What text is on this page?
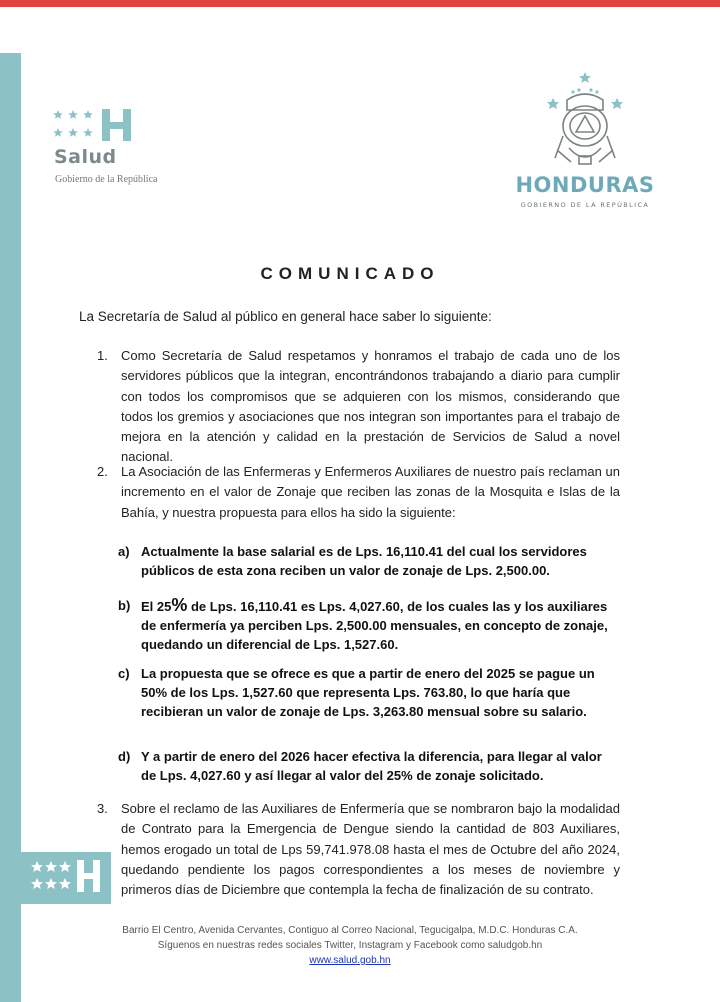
Salud
Gobierno de la República	HONDURAS
GOBIERNO DE LA REPÚBLICA
COMUNICADO
La Secretaría de Salud al público en general hace saber lo siguiente:
1.	Como Secretaría de Salud respetamos y honramos el trabajo de cada uno de los servidores públicos que la integran, encontrándonos trabajando a diario para cumplir con todos los compromisos que se adquieren con los mismos, considerando que todos los gremios y asociaciones que nos integran son importantes para el trabajo de mejora en la atención y calidad en la prestación de Servicios de Salud a novel nacional.
2.	La Asociación de las Enfermeras y Enfermeros Auxiliares de nuestro país reclaman un incremento en el valor de Zonaje que reciben las zonas de la Mosquita e Islas de la Bahía, y nuestra propuesta para ellos ha sido la siguiente:
a) Actualmente la base salarial es de Lps. 16,110.41 del cual los servidores públicos de esta zona reciben un valor de zonaje de Lps. 2,500.00.
b) El 25% de Lps. 16,110.41 es Lps. 4,027.60, de los cuales las y los auxiliares de enfermería ya perciben Lps. 2,500.00 mensuales, en concepto de zonaje, quedando un diferencial de Lps. 1,527.60.
c) La propuesta que se ofrece es que a partir de enero del 2025 se pague un 50% de los Lps. 1,527.60 que representa Lps. 763.80, lo que haría que recibieran un valor de zonaje de Lps. 3,263.80 mensual sobre su salario.
d) Y a partir de enero del 2026 hacer efectiva la diferencia, para llegar al valor de Lps. 4,027.60 y así llegar al valor del 25% de zonaje solicitado.
3.	Sobre el reclamo de las Auxiliares de Enfermería que se nombraron bajo la modalidad de Contrato para la Emergencia de Dengue siendo la cantidad de 803 Auxiliares, hemos erogado un total de Lps 59,741.978.08 hasta el mes de Octubre del año 2024, quedando pendiente los pagos correspondientes a los meses de noviembre y primeros días de Diciembre que contempla la fecha de finalización de su contrato.
Barrio El Centro, Avenida Cervantes, Contiguo al Correo Nacional, Tegucigalpa, M.D.C. Honduras C.A.
Síguenos en nuestras redes sociales Twitter, Instagram y Facebook como saludgob.hn
www.salud.gob.hn
